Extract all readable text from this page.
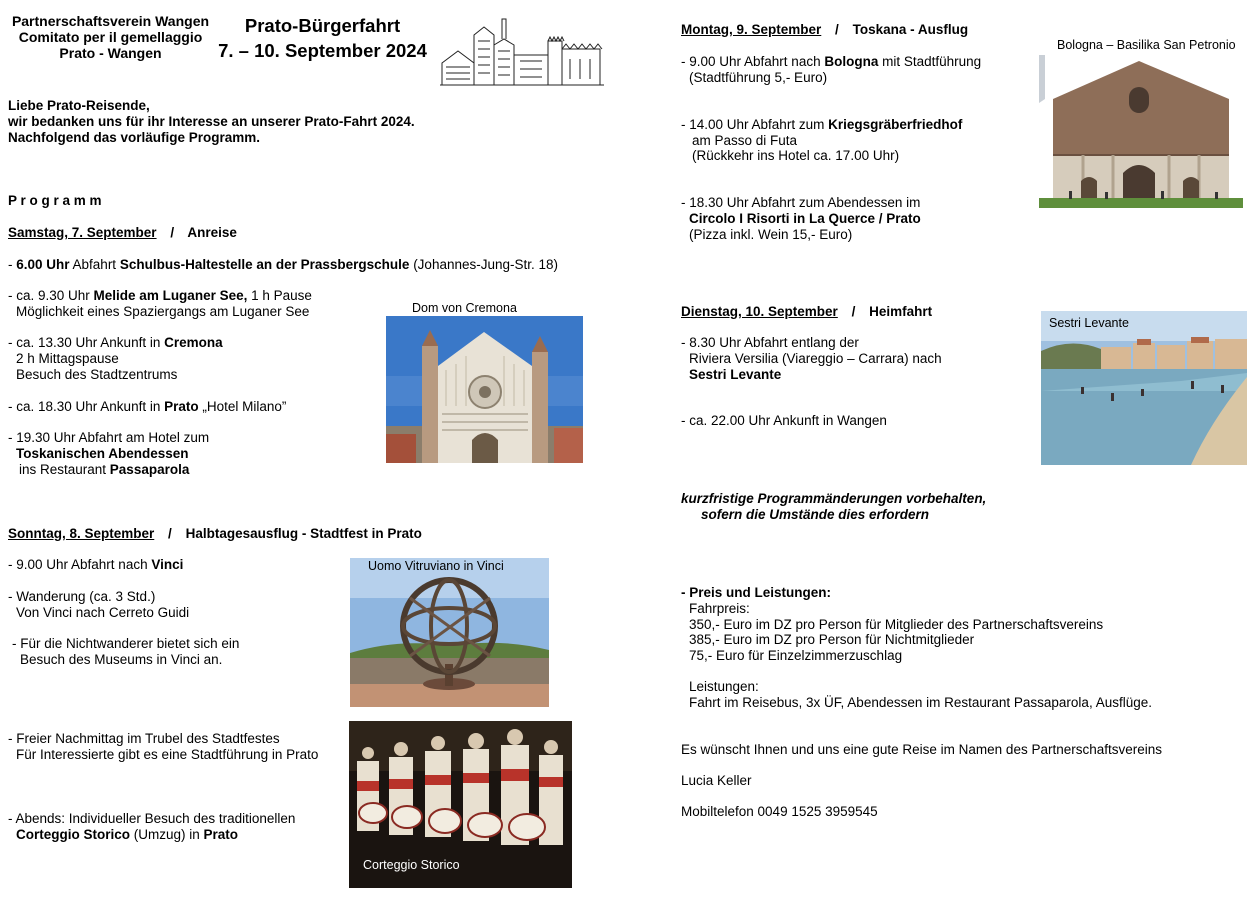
Partnerschaftsverein Wangen
Comitato per il gemellaggio
Prato - Wangen
Prato-Bürgerfahrt
7. – 10. September 2024
Liebe Prato-Reisende,
wir bedanken uns für ihr Interesse an unserer Prato-Fahrt 2024.
Nachfolgend das vorläufige Programm.
P r o g r a m m
Samstag, 7. September / Anreise
- 6.00 Uhr Abfahrt Schulbus-Haltestelle an der Prassbergschule (Johannes-Jung-Str. 18)
- ca. 9.30 Uhr Melide am Luganer See, 1 h Pause
Möglichkeit eines Spaziergangs am Luganer See
- ca. 13.30 Uhr Ankunft in Cremona
2 h Mittagspause
Besuch des Stadtzentrums
- ca. 18.30 Uhr Ankunft in Prato „Hotel Milano”
- 19.30 Uhr Abfahrt am Hotel zum
Toskanischen Abendessen
ins Restaurant Passaparola
Dom von Cremona
Sonntag, 8. September / Halbtagesausflug - Stadtfest in Prato
- 9.00 Uhr Abfahrt nach Vinci
- Wanderung (ca. 3 Std.)
Von Vinci nach Cerreto Guidi
- Für die Nichtwanderer bietet sich ein
Besuch des Museums in Vinci an.
- Freier Nachmittag im Trubel des Stadtfestes
Für Interessierte gibt es eine Stadtführung in Prato
- Abends: Individueller Besuch des traditionellen
Corteggio Storico (Umzug) in Prato
Uomo Vitruviano in Vinci
Corteggio Storico
Montag, 9. September / Toskana - Ausflug
- 9.00 Uhr Abfahrt nach Bologna mit Stadtführung
(Stadtführung 5,- Euro)
- 14.00 Uhr Abfahrt zum Kriegsgräberfriedhof
am Passo di Futa
(Rückkehr ins Hotel ca. 17.00 Uhr)
- 18.30 Uhr Abfahrt zum Abendessen im
Circolo I Risorti in La Querce / Prato
(Pizza inkl. Wein 15,- Euro)
Bologna – Basilika San Petronio
Dienstag, 10. September / Heimfahrt
- 8.30 Uhr Abfahrt entlang der
Riviera Versilia (Viareggio – Carrara) nach
Sestri Levante
- ca. 22.00 Uhr Ankunft in Wangen
Sestri Levante
kurzfristige Programmänderungen vorbehalten,
sofern die Umstände dies erfordern
- Preis und Leistungen:
Fahrpreis:
350,- Euro im DZ pro Person für Mitglieder des Partnerschaftsvereins
385,- Euro im DZ pro Person für Nichtmitglieder
75,- Euro für Einzelzimmerzuschlag
Leistungen:
Fahrt im Reisebus, 3x ÜF, Abendessen im Restaurant Passaparola, Ausflüge.
Es wünscht Ihnen und uns eine gute Reise im Namen des Partnerschaftsvereins
Lucia Keller
Mobiltelefon 0049 1525 3959545
